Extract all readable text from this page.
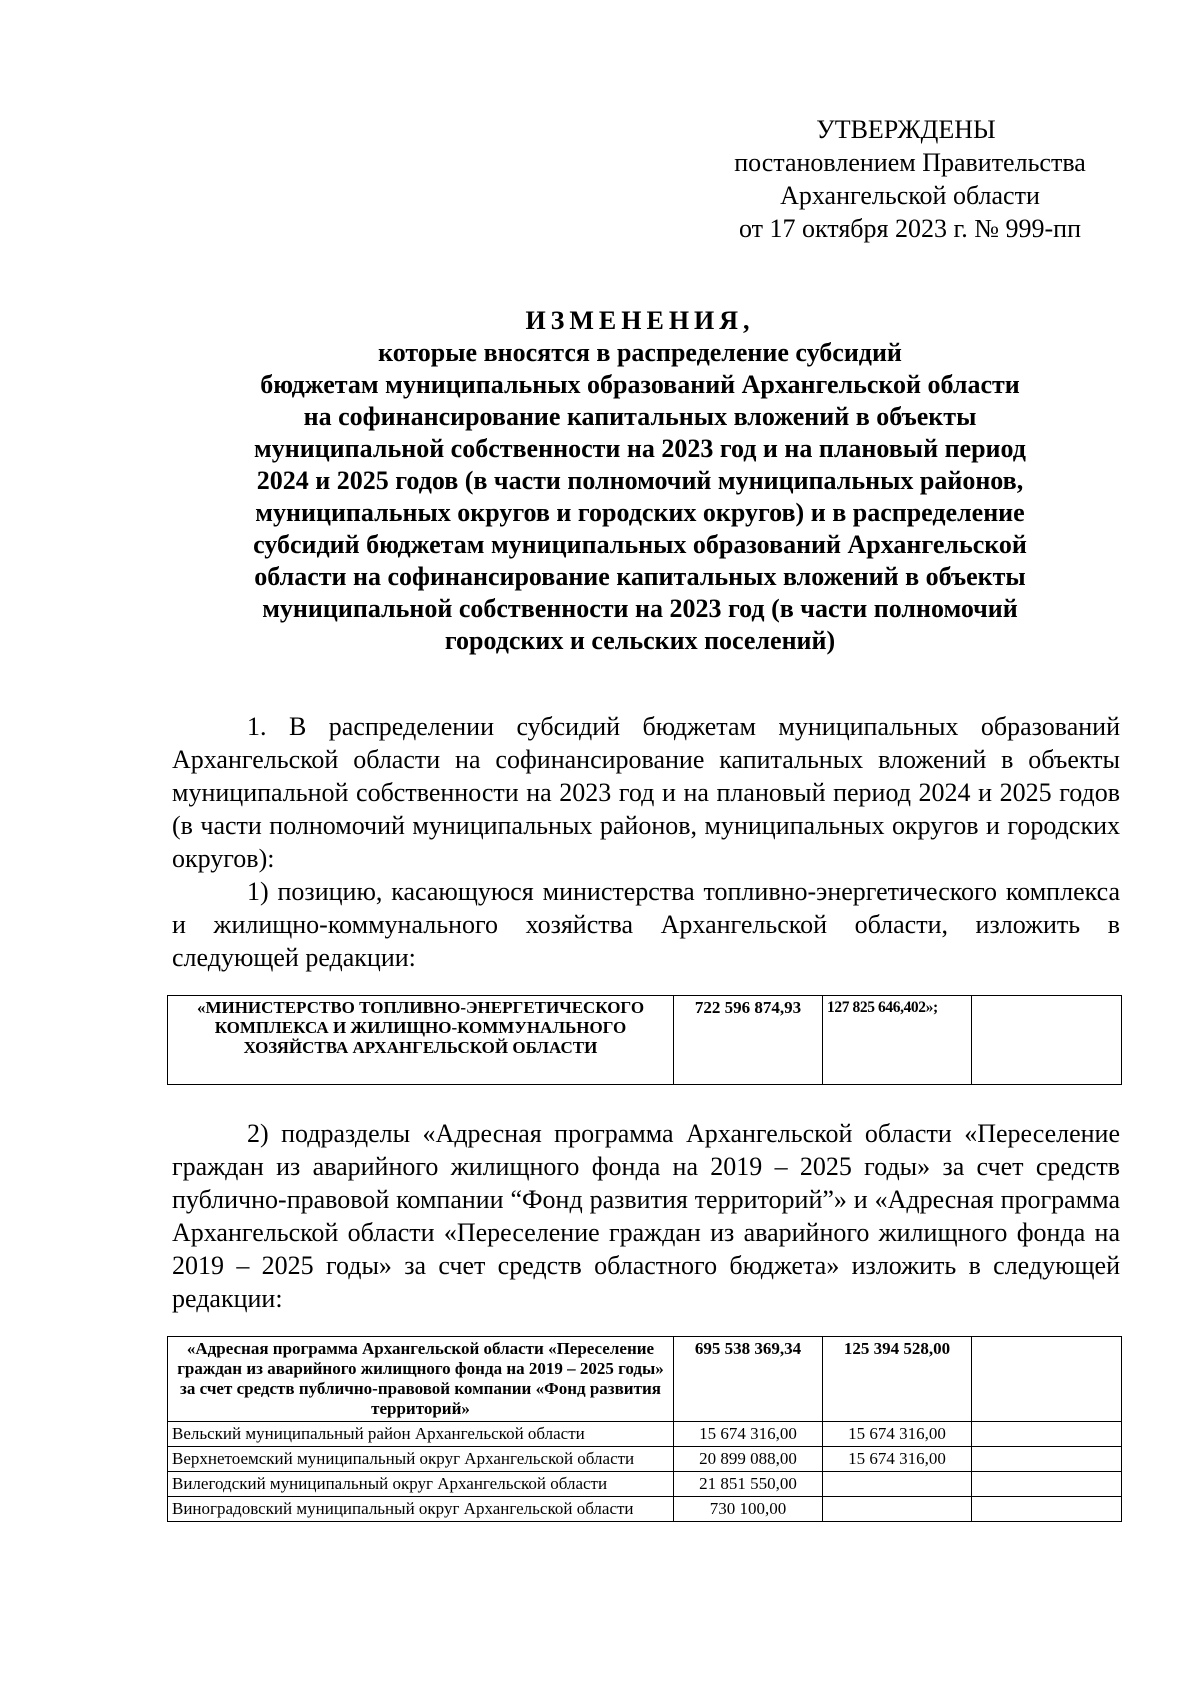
УТВЕРЖДЕНЫ
постановлением Правительства
Архангельской области
от 17 октября 2023 г. № 999-пп
ИЗМЕНЕНИЯ,
которые вносятся в распределение субсидий
бюджетам муниципальных образований Архангельской области
на софинансирование капитальных вложений в объекты
муниципальной собственности на 2023 год и на плановый период
2024 и 2025 годов (в части полномочий муниципальных районов,
муниципальных округов и городских округов) и в распределение
субсидий бюджетам муниципальных образований Архангельской
области на софинансирование капитальных вложений в объекты
муниципальной собственности на 2023 год (в части полномочий
городских и сельских поселений)
1. В распределении субсидий бюджетам муниципальных образований Архангельской области на софинансирование капитальных вложений в объекты муниципальной собственности на 2023 год и на плановый период 2024 и 2025 годов (в части полномочий муниципальных районов, муниципальных округов и городских округов):
1) позицию, касающуюся министерства топливно-энергетического комплекса и жилищно-коммунального хозяйства Архангельской области, изложить в следующей редакции:
«МИНИСТЕРСТВО ТОПЛИВНО-ЭНЕРГЕТИЧЕСКОГО КОМПЛЕКСА И ЖИЛИЩНО-КОММУНАЛЬНОГО ХОЗЯЙСТВА АРХАНГЕЛЬСКОЙ ОБЛАСТИ	722 596 874,93	127 825 646,402»;	
2) подразделы «Адресная программа Архангельской области «Переселение граждан из аварийного жилищного фонда на 2019 – 2025 годы» за счет средств публично-правовой компании “Фонд развития территорий”» и «Адресная программа Архангельской области «Переселение граждан из аварийного жилищного фонда на 2019 – 2025 годы» за счет средств областного бюджета» изложить в следующей редакции:
«Адресная программа Архангельской области «Переселение граждан из аварийного жилищного фонда на 2019 – 2025 годы» за счет средств публично-правовой компании «Фонд развития территорий»	695 538 369,34	125 394 528,00	
Вельский муниципальный район Архангельской области	15 674 316,00	15 674 316,00	
Верхнетоемский муниципальный округ Архангельской области	20 899 088,00	15 674 316,00	
Вилегодский муниципальный округ Архангельской области	21 851 550,00		
Виноградовский муниципальный округ Архангельской области	730 100,00		
